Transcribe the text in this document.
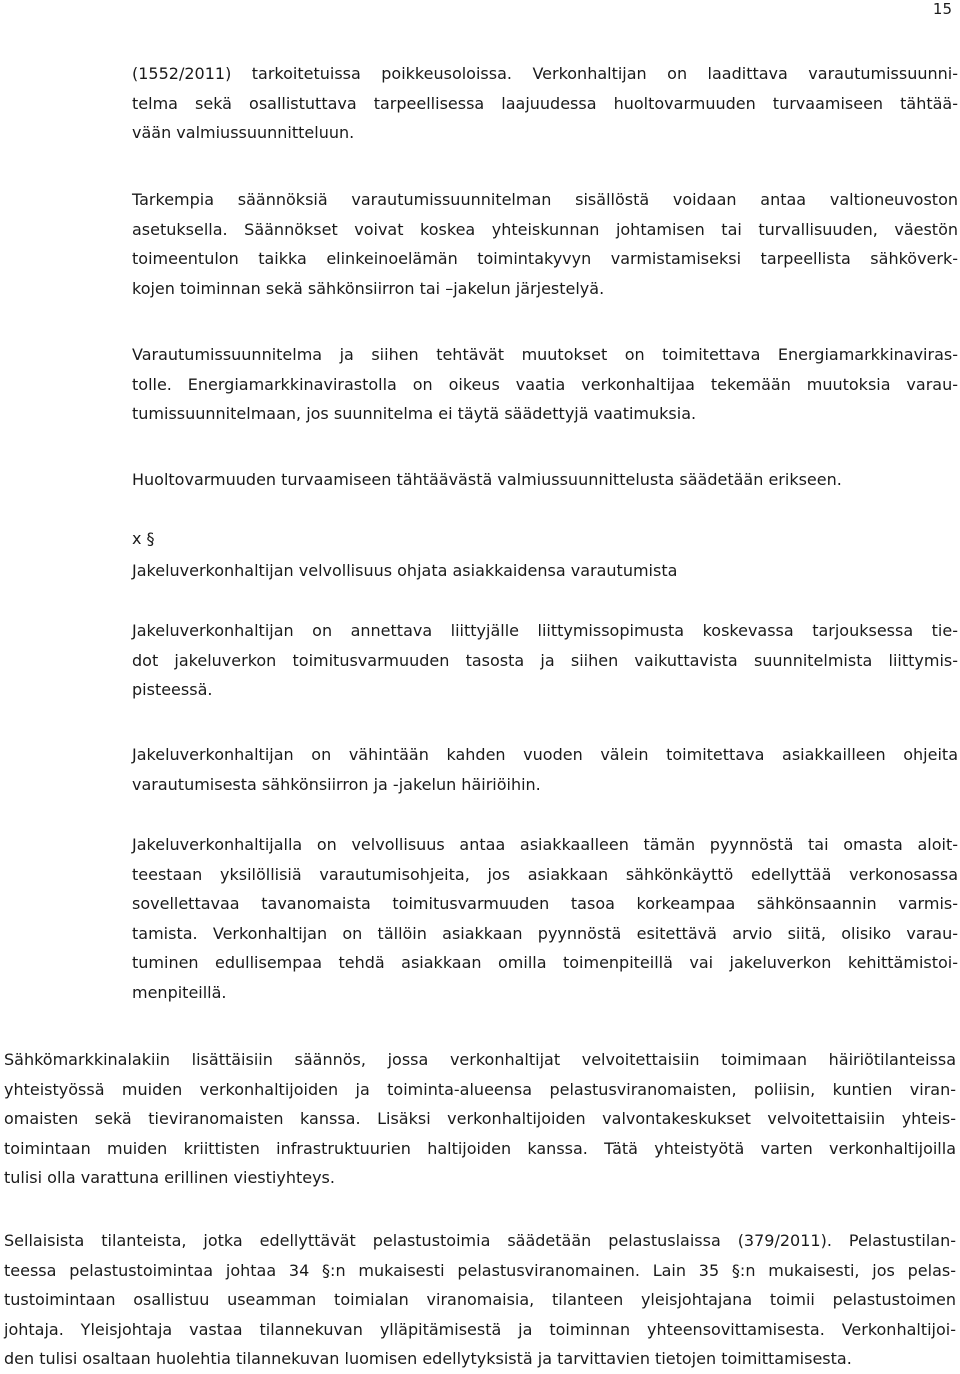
15
(1552/2011) tarkoitetuissa poikkeusoloissa. Verkonhaltijan on laadittava varautumissuunni-
telma sekä osallistuttava tarpeellisessa laajuudessa huoltovarmuuden turvaamiseen tähtää-
vään valmiussuunnitteluun.
Tarkempia säännöksiä varautumissuunnitelman sisällöstä voidaan antaa valtioneuvoston
asetuksella. Säännökset voivat koskea yhteiskunnan johtamisen tai turvallisuuden, väestön
toimeentulon taikka elinkeinoelämän toimintakyvyn varmistamiseksi tarpeellista sähköverk-
kojen toiminnan sekä sähkönsiirron tai –jakelun järjestelyä.
Varautumissuunnitelma ja siihen tehtävät muutokset on toimitettava Energiamarkkinaviras-
tolle. Energiamarkkinavirastolla on oikeus vaatia verkonhaltijaa tekemään muutoksia varau-
tumissuunnitelmaan, jos suunnitelma ei täytä säädettyjä vaatimuksia.
Huoltovarmuuden turvaamiseen tähtäävästä valmiussuunnittelusta säädetään erikseen.
x §
Jakeluverkonhaltijan velvollisuus ohjata asiakkaidensa varautumista
Jakeluverkonhaltijan on annettava liittyjälle liittymissopimusta koskevassa tarjouksessa tie-
dot jakeluverkon toimitusvarmuuden tasosta ja siihen vaikuttavista suunnitelmista liittymis-
pisteessä.
Jakeluverkonhaltijan on vähintään kahden vuoden välein toimitettava asiakkailleen ohjeita
varautumisesta sähkönsiirron ja -jakelun häiriöihin.
Jakeluverkonhaltijalla on velvollisuus antaa asiakkaalleen tämän pyynnöstä tai omasta aloit-
teestaan yksilöllisiä varautumisohjeita, jos asiakkaan sähkönkäyttö edellyttää verkonosassa
sovellettavaa tavanomaista toimitusvarmuuden tasoa korkeampaa sähkönsaannin varmis-
tamista. Verkonhaltijan on tällöin asiakkaan pyynnöstä esitettävä arvio siitä, olisiko varau-
tuminen edullisempaa tehdä asiakkaan omilla toimenpiteillä vai jakeluverkon kehittämistoi-
menpiteillä.
Sähkömarkkinalakiin lisättäisiin säännös, jossa verkonhaltijat velvoitettaisiin toimimaan häiriötilanteissa
yhteistyössä muiden verkonhaltijoiden ja toiminta-alueensa pelastusviranomaisten, poliisin, kuntien viran-
omaisten sekä tieviranomaisten kanssa. Lisäksi verkonhaltijoiden valvontakeskukset velvoitettaisiin yhteis-
toimintaan muiden kriittisten infrastruktuurien haltijoiden kanssa. Tätä yhteistyötä varten verkonhaltijoilla
tulisi olla varattuna erillinen viestiyhteys.
Sellaisista tilanteista, jotka edellyttävät pelastustoimia säädetään pelastuslaissa (379/2011). Pelastustilan-
teessa pelastustoimintaa johtaa 34 §:n mukaisesti pelastusviranomainen. Lain 35 §:n mukaisesti, jos pelas-
tustoimintaan osallistuu useamman toimialan viranomaisia, tilanteen yleisjohtajana toimii pelastustoimen
johtaja. Yleisjohtaja vastaa tilannekuvan ylläpitämisestä ja toiminnan yhteensovittamisesta. Verkonhaltijoi-
den tulisi osaltaan huolehtia tilannekuvan luomisen edellytyksistä ja tarvittavien tietojen toimittamisesta.
